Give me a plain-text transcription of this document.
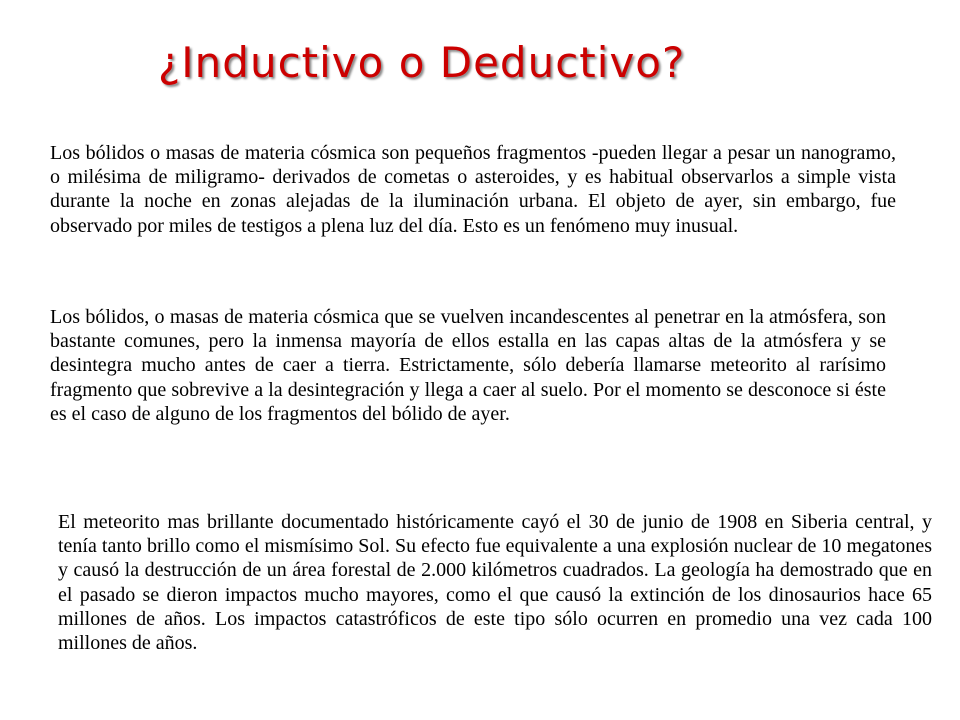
¿Inductivo o Deductivo?

Los bólidos o masas de materia cósmica son pequeños fragmentos -pueden llegar a pesar un nanogramo, o milésima de miligramo- derivados de cometas o asteroides, y es habitual observarlos a simple vista durante la noche en zonas alejadas de la iluminación urbana. El objeto de ayer, sin embargo, fue observado por miles de testigos a plena luz del día. Esto es un fenómeno muy inusual.

Los bólidos, o masas de materia cósmica que se vuelven incandescentes al penetrar en la atmósfera, son bastante comunes, pero la inmensa mayoría de ellos estalla en las capas altas de la atmósfera y se desintegra mucho antes de caer a tierra. Estrictamente, sólo debería llamarse meteorito al rarísimo fragmento que sobrevive a la desintegración y llega a caer al suelo. Por el momento se desconoce si éste es el caso de alguno de los fragmentos del bólido de ayer.

El meteorito mas brillante documentado históricamente cayó el 30 de junio de 1908 en Siberia central, y tenía tanto brillo como el mismísimo Sol. Su efecto fue equivalente a una explosión nuclear de 10 megatones y causó la destrucción de un área forestal de 2.000 kilómetros cuadrados. La geología ha demostrado que en el pasado se dieron impactos mucho mayores, como el que causó la extinción de los dinosaurios hace 65 millones de años. Los impactos catastróficos de este tipo sólo ocurren en promedio una vez cada 100 millones de años.
